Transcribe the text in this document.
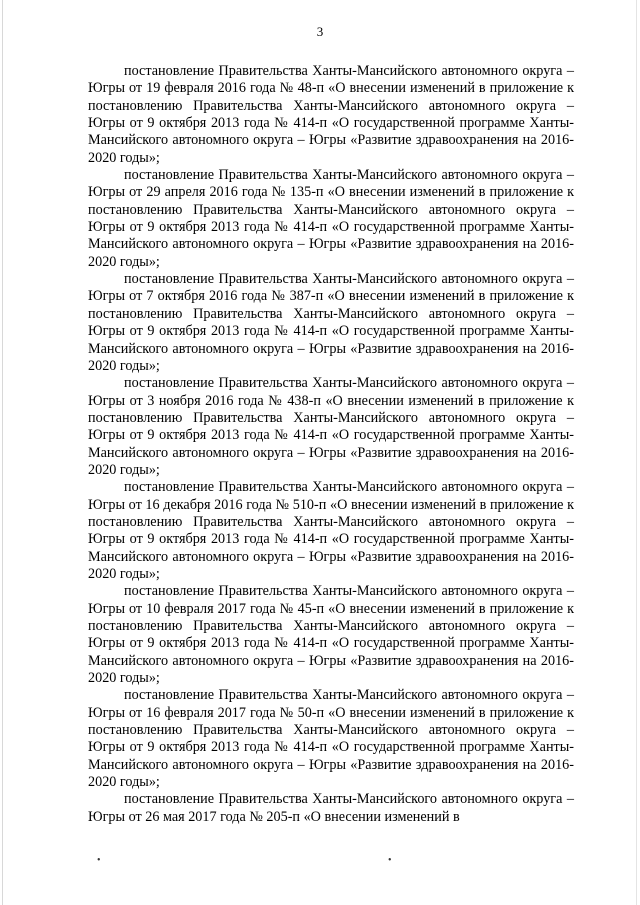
3

постановление Правительства Ханты-Мансийского автономного округа – Югры от 19 февраля 2016 года № 48-п «О внесении изменений в приложение к постановлению Правительства Ханты-Мансийского автономного округа – Югры от 9 октября 2013 года № 414-п «О государственной программе Ханты-Мансийского автономного округа – Югры «Развитие здравоохранения на 2016-2020 годы»;

постановление Правительства Ханты-Мансийского автономного округа – Югры от 29 апреля 2016 года № 135-п «О внесении изменений в приложение к постановлению Правительства Ханты-Мансийского автономного округа – Югры от 9 октября 2013 года № 414-п «О государственной программе Ханты-Мансийского автономного округа – Югры «Развитие здравоохранения на 2016-2020 годы»;

постановление Правительства Ханты-Мансийского автономного округа – Югры от 7 октября 2016 года № 387-п «О внесении изменений в приложение к постановлению Правительства Ханты-Мансийского автономного округа – Югры от 9 октября 2013 года № 414-п «О государственной программе Ханты-Мансийского автономного округа – Югры «Развитие здравоохранения на 2016-2020 годы»;

постановление Правительства Ханты-Мансийского автономного округа – Югры от 3 ноября 2016 года № 438-п «О внесении изменений в приложение к постановлению Правительства Ханты-Мансийского автономного округа – Югры от 9 октября 2013 года № 414-п «О государственной программе Ханты-Мансийского автономного округа – Югры «Развитие здравоохранения на 2016-2020 годы»;

постановление Правительства Ханты-Мансийского автономного округа – Югры от 16 декабря 2016 года № 510-п «О внесении изменений в приложение к постановлению Правительства Ханты-Мансийского автономного округа – Югры от 9 октября 2013 года № 414-п «О государственной программе Ханты-Мансийского автономного округа – Югры «Развитие здравоохранения на 2016-2020 годы»;

постановление Правительства Ханты-Мансийского автономного округа – Югры от 10 февраля 2017 года № 45-п «О внесении изменений в приложение к постановлению Правительства Ханты-Мансийского автономного округа – Югры от 9 октября 2013 года № 414-п «О государственной программе Ханты-Мансийского автономного округа – Югры «Развитие здравоохранения на 2016-2020 годы»;

постановление Правительства Ханты-Мансийского автономного округа – Югры от 16 февраля 2017 года № 50-п «О внесении изменений в приложение к постановлению Правительства Ханты-Мансийского автономного округа – Югры от 9 октября 2013 года № 414-п «О государственной программе Ханты-Мансийского автономного округа – Югры «Развитие здравоохранения на 2016-2020 годы»;

постановление Правительства Ханты-Мансийского автономного округа – Югры от 26 мая 2017 года № 205-п «О внесении изменений в

•	•
